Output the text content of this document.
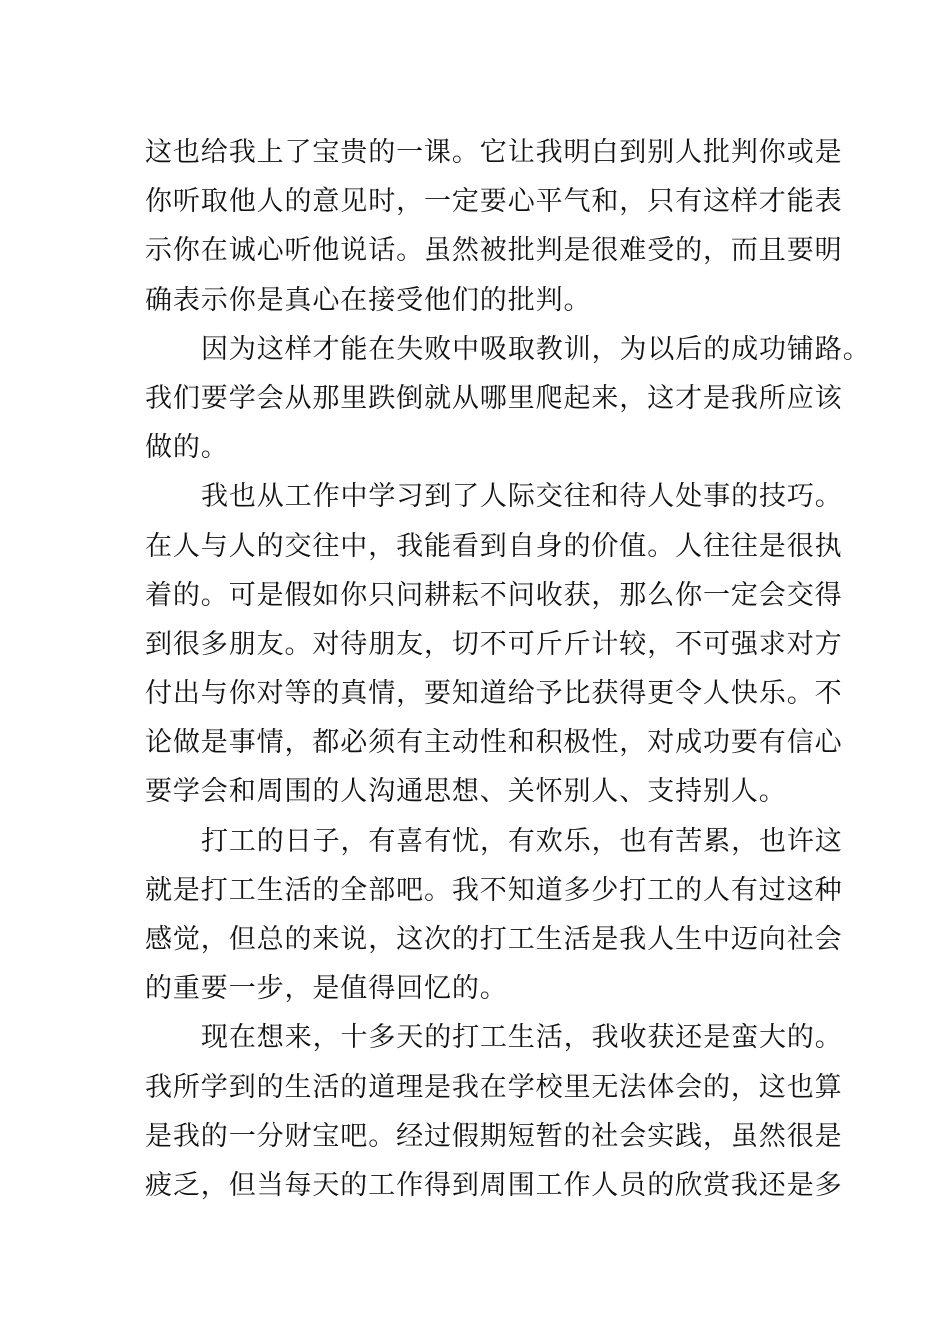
这也给我上了宝贵的一课。它让我明白到别人批判你或是
你听取他人的意见时，一定要心平气和，只有这样才能表
示你在诚心听他说话。虽然被批判是很难受的，而且要明
确表示你是真心在接受他们的批判。
因为这样才能在失败中吸取教训，为以后的成功铺路。
我们要学会从那里跌倒就从哪里爬起来，这才是我所应该
做的。
我也从工作中学习到了人际交往和待人处事的技巧。
在人与人的交往中，我能看到自身的价值。人往往是很执
着的。可是假如你只问耕耘不问收获，那么你一定会交得
到很多朋友。对待朋友，切不可斤斤计较，不可强求对方
付出与你对等的真情，要知道给予比获得更令人快乐。不
论做是事情，都必须有主动性和积极性，对成功要有信心
要学会和周围的人沟通思想、关怀别人、支持别人。
打工的日子，有喜有忧，有欢乐，也有苦累，也许这
就是打工生活的全部吧。我不知道多少打工的人有过这种
感觉，但总的来说，这次的打工生活是我人生中迈向社会
的重要一步，是值得回忆的。
现在想来，十多天的打工生活，我收获还是蛮大的。
我所学到的生活的道理是我在学校里无法体会的，这也算
是我的一分财宝吧。经过假期短暂的社会实践，虽然很是
疲乏，但当每天的工作得到周围工作人员的欣赏我还是多
